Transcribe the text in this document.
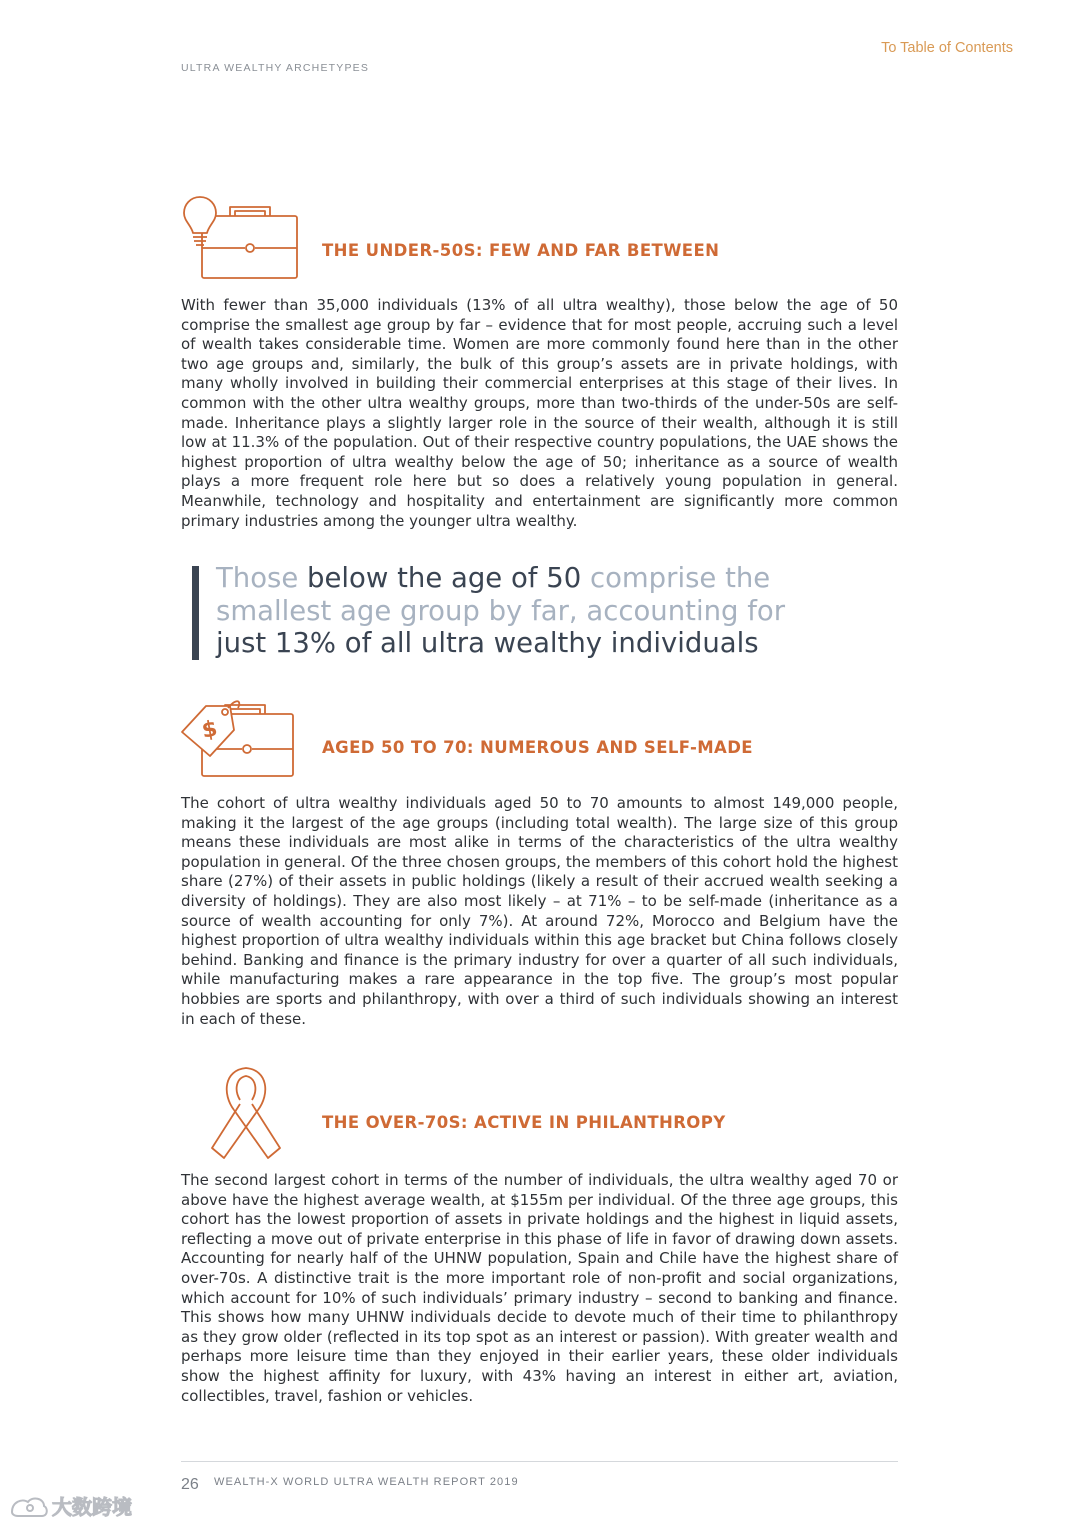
ULTRA WEALTHY ARCHETYPES
To Table of Contents
THE UNDER-50S: FEW AND FAR BETWEEN

With fewer than 35,000 individuals (13% of all ultra wealthy), those below the age of 50 comprise the smallest age group by far – evidence that for most people, accruing such a level of wealth takes considerable time. Women are more commonly found here than in the other two age groups and, similarly, the bulk of this group’s assets are in private holdings, with many wholly involved in building their commercial enterprises at this stage of their lives. In common with the other ultra wealthy groups, more than two-thirds of the under-50s are self-made. Inheritance plays a slightly larger role in the source of their wealth, although it is still low at 11.3% of the population. Out of their respective country populations, the UAE shows the highest proportion of ultra wealthy below the age of 50; inheritance as a source of wealth plays a more frequent role here but so does a relatively young population in general. Meanwhile, technology and hospitality and entertainment are significantly more common primary industries among the younger ultra wealthy.

Those below the age of 50 comprise the smallest age group by far, accounting for just 13% of all ultra wealthy individuals

$
AGED 50 TO 70: NUMEROUS AND SELF-MADE

The cohort of ultra wealthy individuals aged 50 to 70 amounts to almost 149,000 people, making it the largest of the age groups (including total wealth). The large size of this group means these individuals are most alike in terms of the characteristics of the ultra wealthy population in general. Of the three chosen groups, the members of this cohort hold the highest share (27%) of their assets in public holdings (likely a result of their accrued wealth seeking a diversity of holdings). They are also most likely – at 71% – to be self-made (inheritance as a source of wealth accounting for only 7%). At around 72%, Morocco and Belgium have the highest proportion of ultra wealthy individuals within this age bracket but China follows closely behind. Banking and finance is the primary industry for over a quarter of all such individuals, while manufacturing makes a rare appearance in the top five. The group’s most popular hobbies are sports and philanthropy, with over a third of such individuals showing an interest in each of these.

THE OVER-70S: ACTIVE IN PHILANTHROPY

The second largest cohort in terms of the number of individuals, the ultra wealthy aged 70 or above have the highest average wealth, at $155m per individual. Of the three age groups, this cohort has the lowest proportion of assets in private holdings and the highest in liquid assets, reflecting a move out of private enterprise in this phase of life in favor of drawing down assets. Accounting for nearly half of the UHNW population, Spain and Chile have the highest share of over-70s. A distinctive trait is the more important role of non-profit and social organizations, which account for 10% of such individuals’ primary industry – second to banking and finance. This shows how many UHNW individuals decide to devote much of their time to philanthropy as they grow older (reflected in its top spot as an interest or passion). With greater wealth and perhaps more leisure time than they enjoyed in their earlier years, these older individuals show the highest affinity for luxury, with 43% having an interest in either art, aviation, collectibles, travel, fashion or vehicles.

26 WEALTH-X WORLD ULTRA WEALTH REPORT 2019
大数跨境
